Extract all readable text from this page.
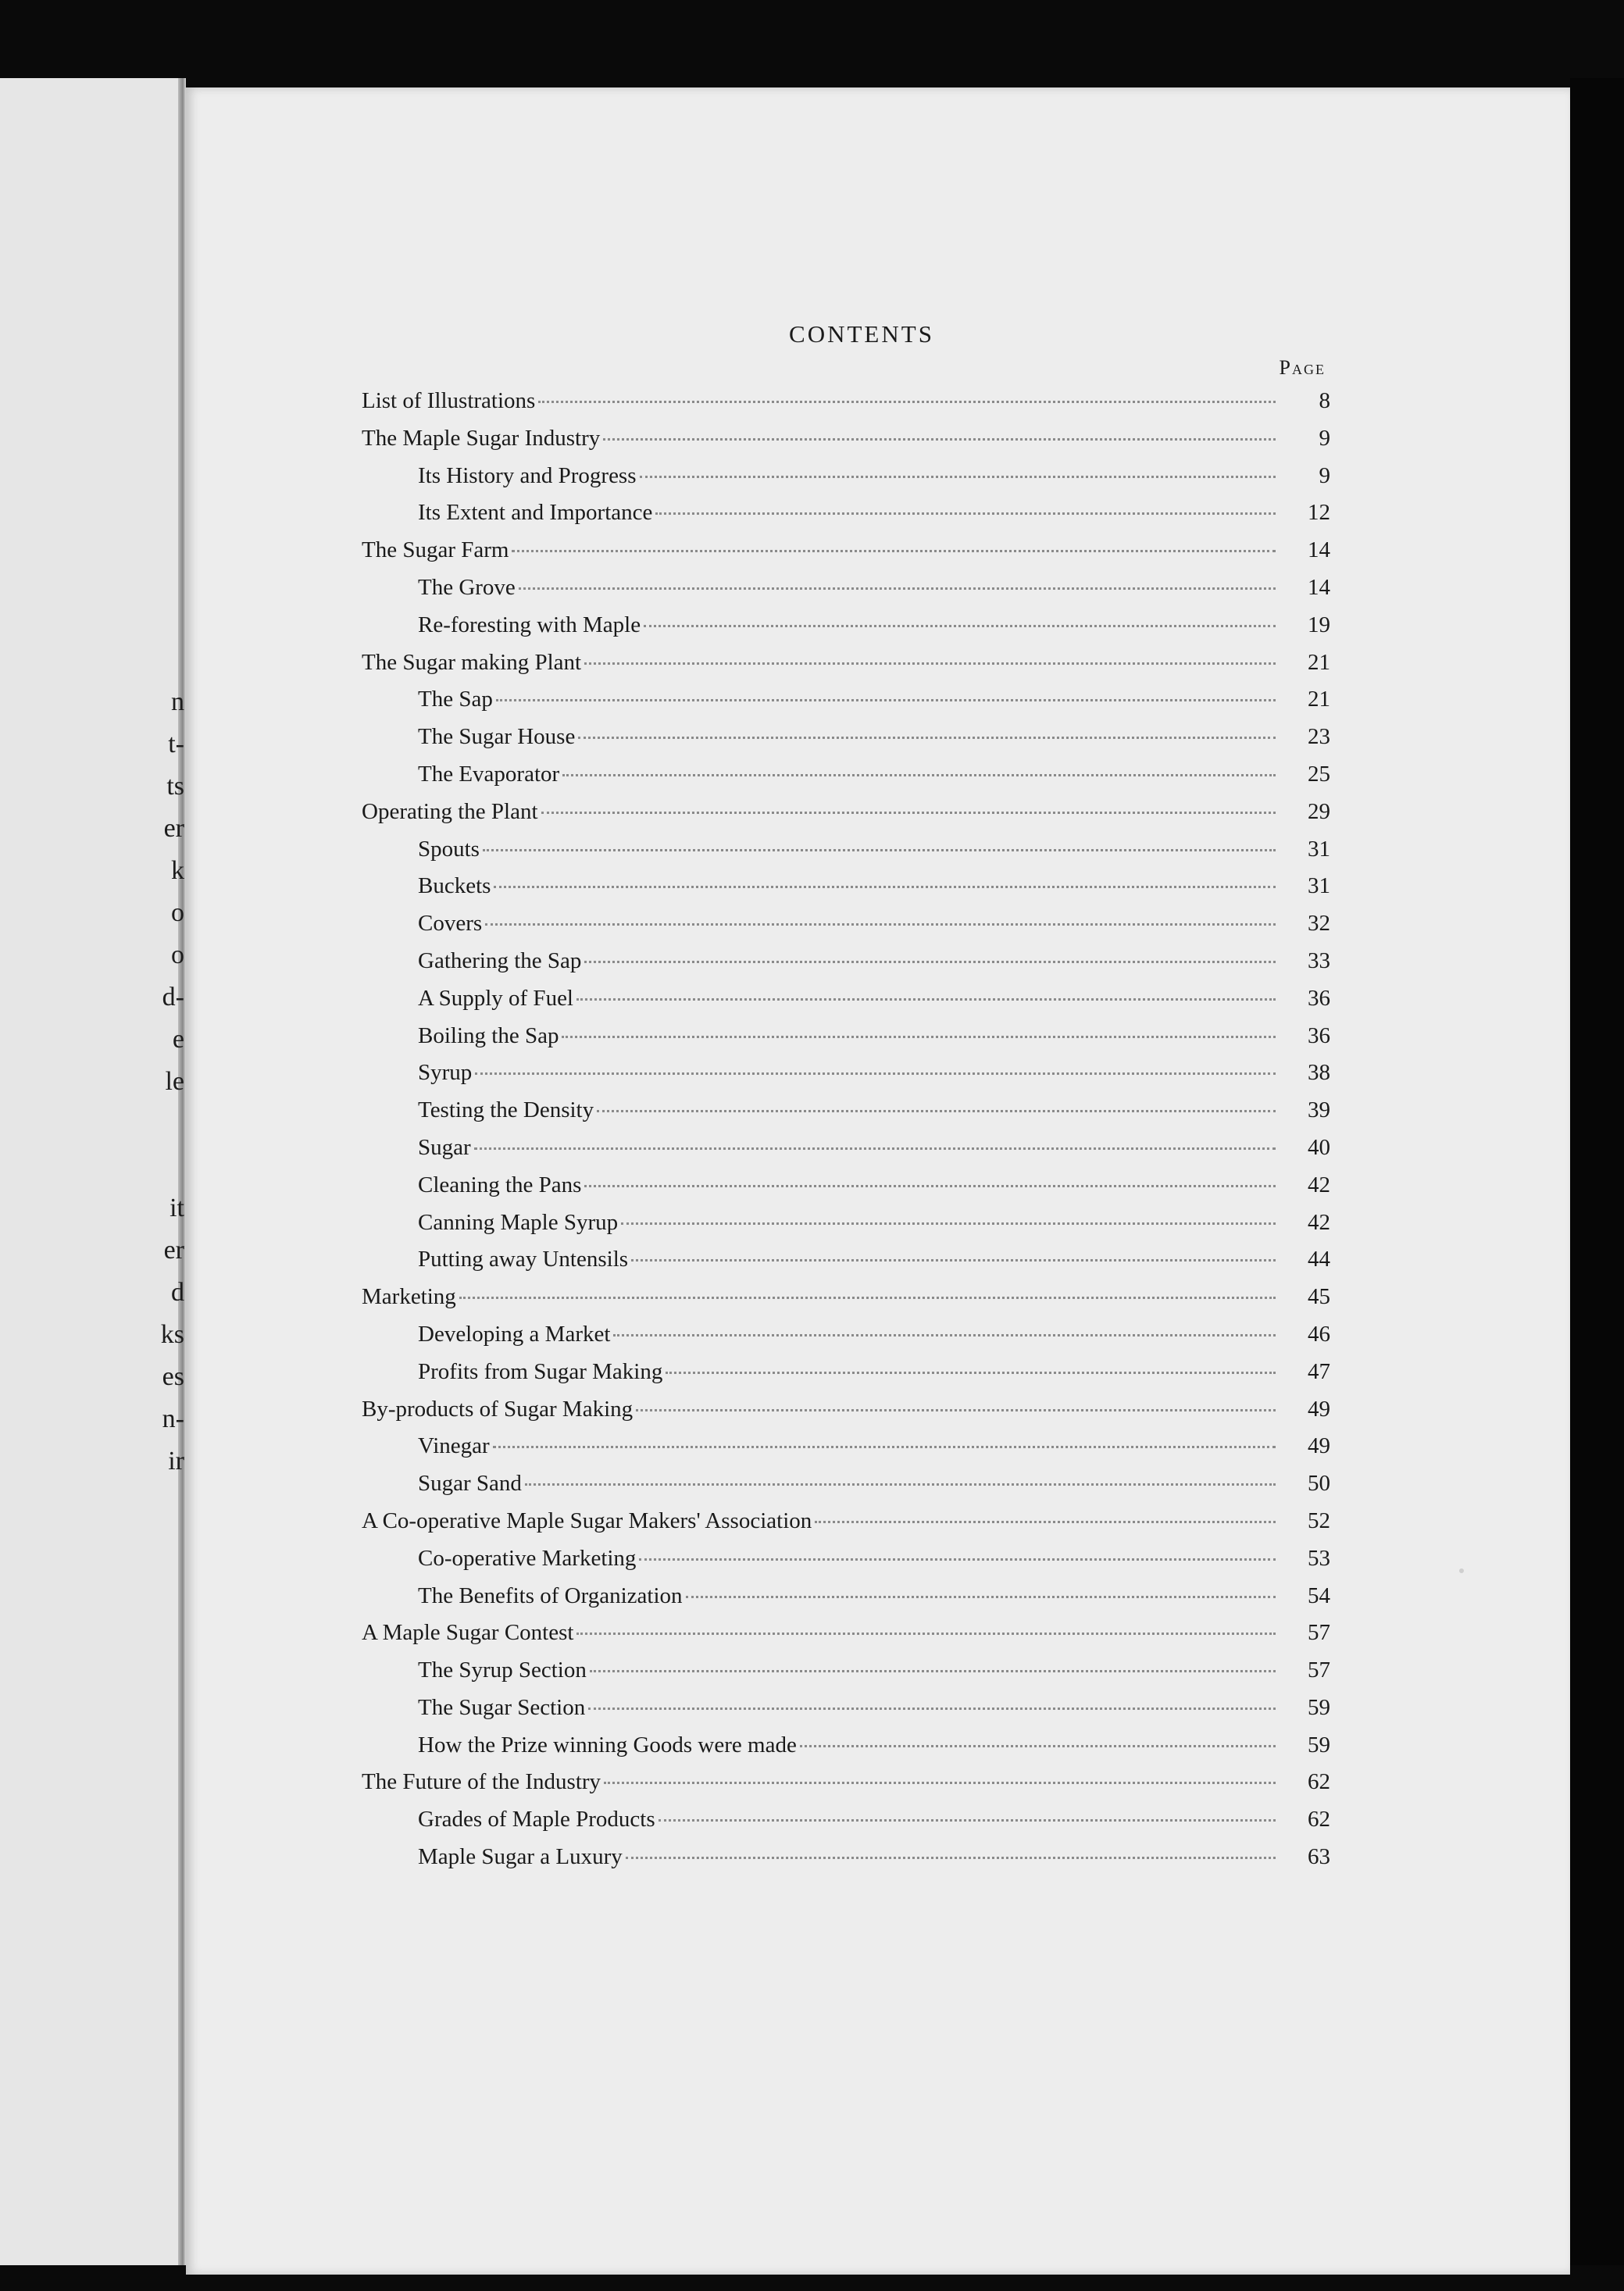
n
t-
ts
er
k
o
o
d-
e
le
it
er
d
ks
es
n-
ir
CONTENTS
Page
List of Illustrations	8
The Maple Sugar Industry	9
Its History and Progress	9
Its Extent and Importance	12
The Sugar Farm	14
The Grove	14
Re-foresting with Maple	19
The Sugar making Plant	21
The Sap	21
The Sugar House	23
The Evaporator	25
Operating the Plant	29
Spouts	31
Buckets	31
Covers	32
Gathering the Sap	33
A Supply of Fuel	36
Boiling the Sap	36
Syrup	38
Testing the Density	39
Sugar	40
Cleaning the Pans	42
Canning Maple Syrup	42
Putting away Untensils	44
Marketing	45
Developing a Market	46
Profits from Sugar Making	47
By-products of Sugar Making	49
Vinegar	49
Sugar Sand	50
A Co-operative Maple Sugar Makers' Association	52
Co-operative Marketing	53
The Benefits of Organization	54
A Maple Sugar Contest	57
The Syrup Section	57
The Sugar Section	59
How the Prize winning Goods were made	59
The Future of the Industry	62
Grades of Maple Products	62
Maple Sugar a Luxury	63
